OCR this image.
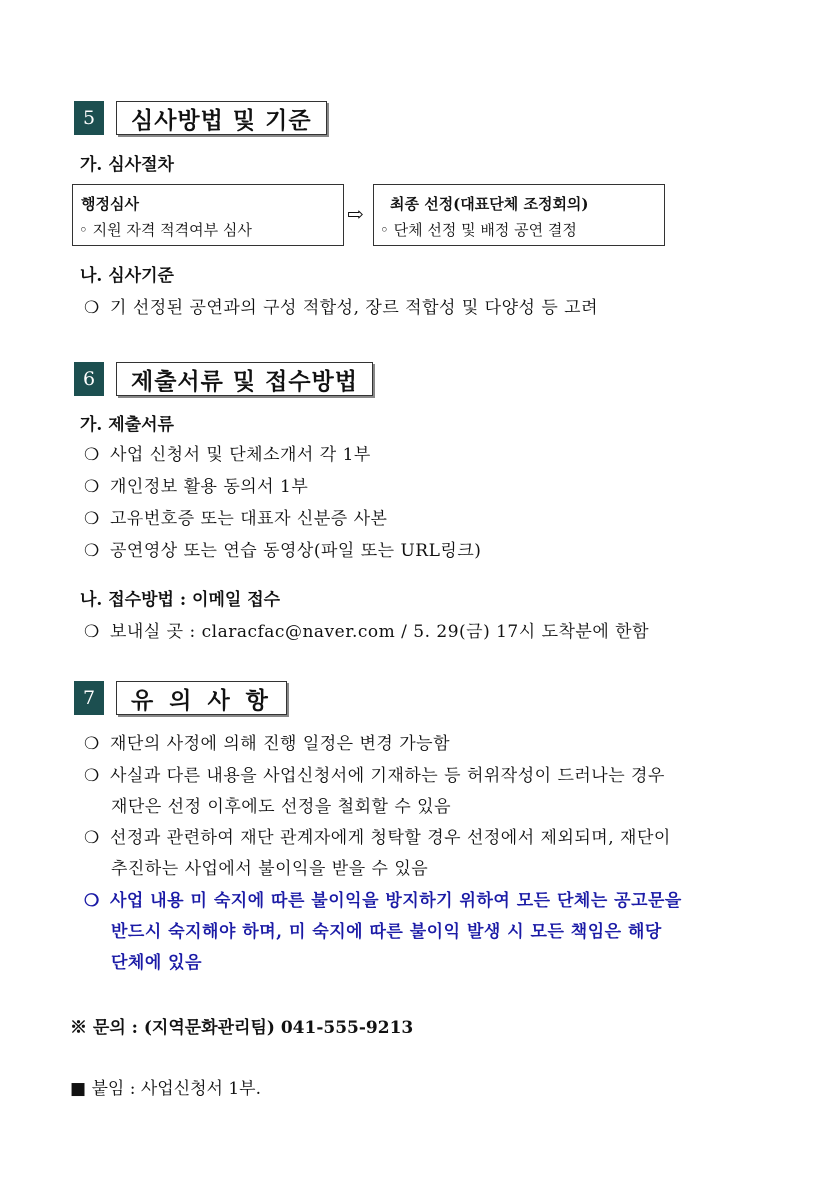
5	심사방법 및 기준
가. 심사절차
행정심사
◦ 지원 자격 적격여부 심사
⇨ 최종 선정(대표단체 조정회의)
◦ 단체 선정 및 배정 공연 결정
나. 심사기준
❍ 기 선정된 공연과의 구성 적합성, 장르 적합성 및 다양성 등 고려
6	제출서류 및 접수방법
가. 제출서류
❍ 사업 신청서 및 단체소개서 각 1부
❍ 개인정보 활용 동의서 1부
❍ 고유번호증 또는 대표자 신분증 사본
❍ 공연영상 또는 연습 동영상(파일 또는 URL링크)
나. 접수방법 : 이메일 접수
❍ 보내실 곳 : claracfac@naver.com / 5. 29(금) 17시 도착분에 한함
7	유 의 사 항
❍ 재단의 사정에 의해 진행 일정은 변경 가능함
❍ 사실과 다른 내용을 사업신청서에 기재하는 등 허위작성이 드러나는 경우
재단은 선정 이후에도 선정을 철회할 수 있음
❍ 선정과 관련하여 재단 관계자에게 청탁할 경우 선정에서 제외되며, 재단이
추진하는 사업에서 불이익을 받을 수 있음
❍ 사업 내용 미 숙지에 따른 불이익을 방지하기 위하여 모든 단체는 공고문을
반드시 숙지해야 하며, 미 숙지에 따른 불이익 발생 시 모든 책임은 해당
단체에 있음
※ 문의 : (지역문화관리팀) 041-555-9213
■ 붙임 : 사업신청서 1부.
